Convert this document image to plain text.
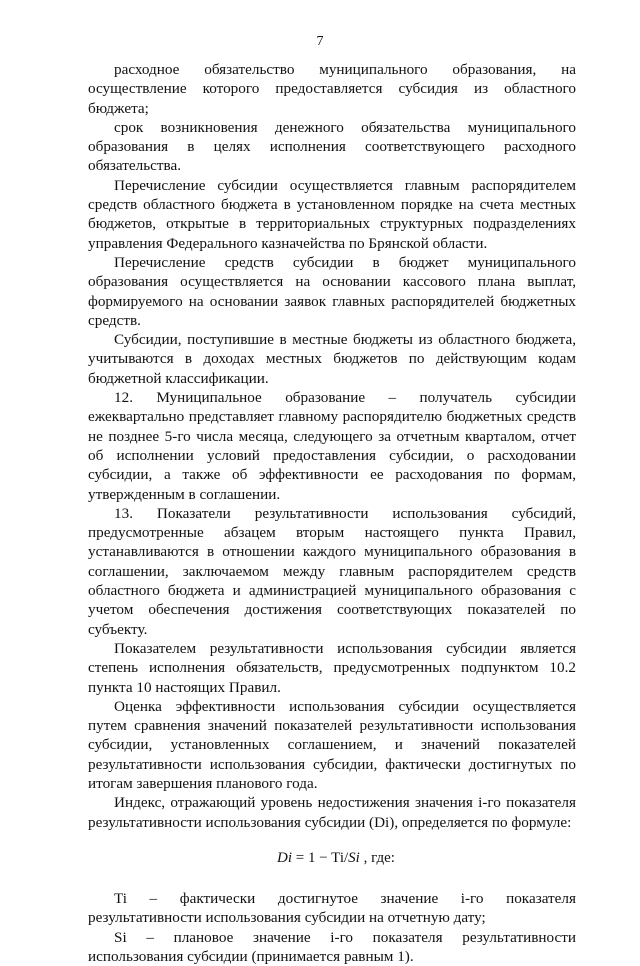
7

расходное обязательство муниципального образования, на осуществление которого предоставляется субсидия из областного бюджета;

срок возникновения денежного обязательства муниципального образования в целях исполнения соответствующего расходного обязательства.

Перечисление субсидии осуществляется главным распорядителем средств областного бюджета в установленном порядке на счета местных бюджетов, открытые в территориальных структурных подразделениях управления Федерального казначейства по Брянской области.

Перечисление средств субсидии в бюджет муниципального образования осуществляется на основании кассового плана выплат, формируемого на основании заявок главных распорядителей бюджетных средств.

Субсидии, поступившие в местные бюджеты из областного бюджета, учитываются в доходах местных бюджетов по действующим кодам бюджетной классификации.

12. Муниципальное образование – получатель субсидии ежеквартально представляет главному распорядителю бюджетных средств не позднее 5-го числа месяца, следующего за отчетным кварталом, отчет об исполнении условий предоставления субсидии, о расходовании субсидии, а также об эффективности ее расходования по формам, утвержденным в соглашении.

13. Показатели результативности использования субсидий, предусмотренные абзацем вторым настоящего пункта Правил, устанавливаются в отношении каждого муниципального образования в соглашении, заключаемом между главным распорядителем средств областного бюджета и администрацией муниципального образования с учетом обеспечения достижения соответствующих показателей по субъекту.

Показателем результативности использования субсидии является степень исполнения обязательств, предусмотренных подпунктом 10.2 пункта 10 настоящих Правил.

Оценка эффективности использования субсидии осуществляется путем сравнения значений показателей результативности использования субсидии, установленных соглашением, и значений показателей результативности использования субсидии, фактически достигнутых по итогам завершения планового года.

Индекс, отражающий уровень недостижения значения i-го показателя результативности использования субсидии (Di), определяется по формуле:

Di = 1 − Ti/Si , где:

Ti – фактически достигнутое значение i-го показателя результативности использования субсидии на отчетную дату;

Si – плановое значение i-го показателя результативности использования субсидии (принимается равным 1).
